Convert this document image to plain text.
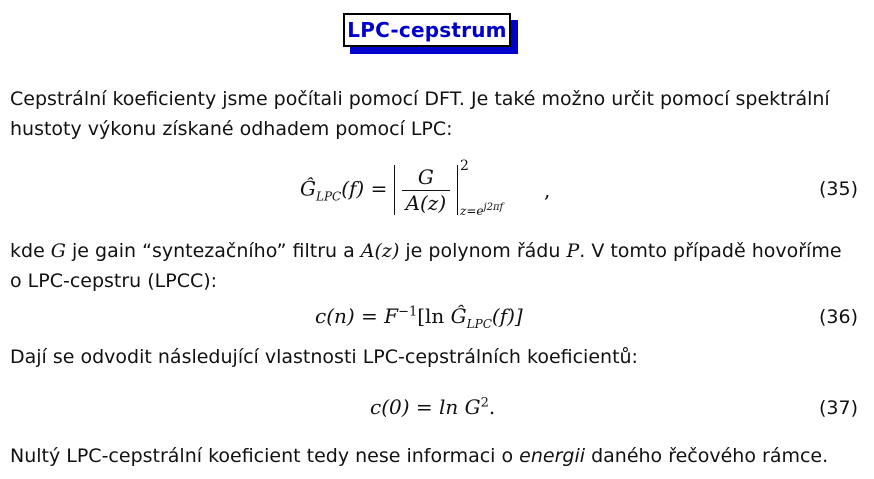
LPC-cepstrum
Cepstrální koeficienty jsme počítali pomocí DFT. Je také možno určit pomocí spektrální
hustoty výkonu získané odhadem pomocí LPC:
$Ĝ_{LPC}(f) = \frac{G}{A(z)}$
2
$z=e^{j2\pi f}$
,	(35)
kde G je gain “syntezačního” filtru a A(z) je polynom řádu P. V tomto případě hovoříme
o LPC-cepstru (LPCC):
$c(n) = F^{-1}[\ln$ $Ĝ_{LPC}(f)$]	(36)
Dají se odvodit následující vlastnosti LPC-cepstrálních koeficientů:
$c(0) = \ln G^2$.	(37)
Nultý LPC-cepstrální koeficient tedy nese informaci o energii daného řečového rámce.
